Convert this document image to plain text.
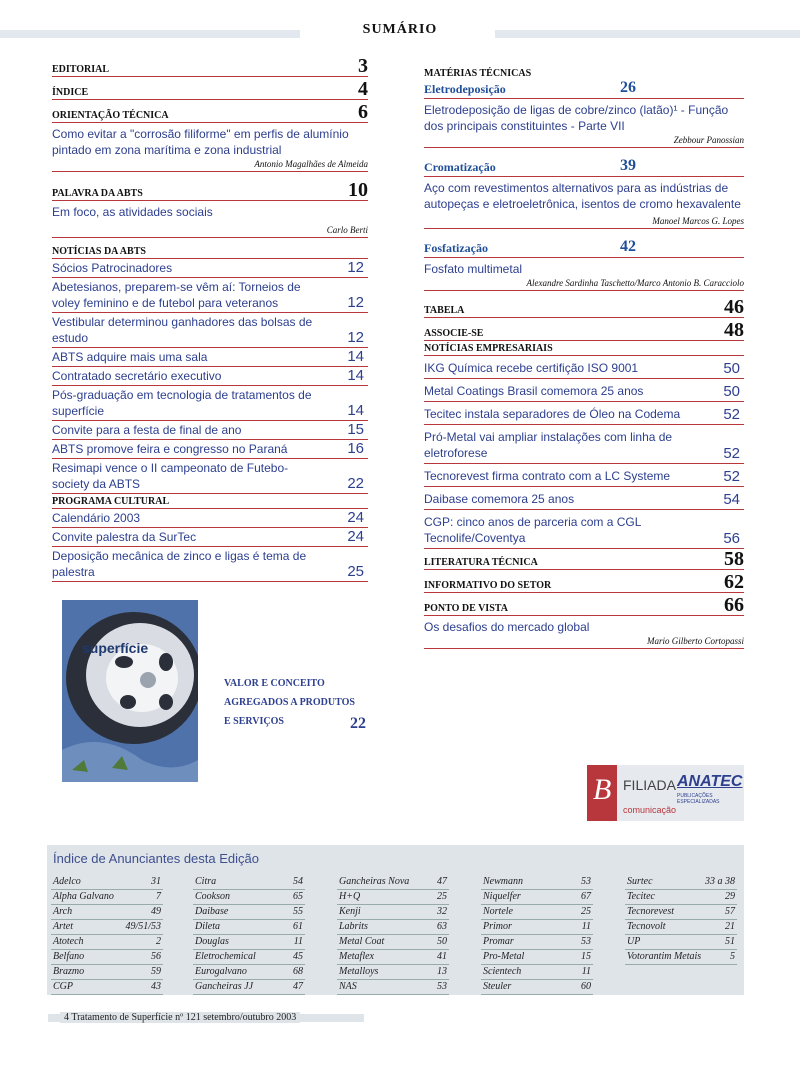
SUMÁRIO
EDITORIAL	3
ÍNDICE	4
ORIENTAÇÃO TÉCNICA	6
Como evitar a "corrosão filiforme" em perfis de alumínio pintado em zona marítima e zona industrial
Antonio Magalhães de Almeida
PALAVRA DA ABTS	10
Em foco, as atividades sociais
Carlo Berti
NOTÍCIAS DA ABTS
Sócios Patrocinadores	12
Abetesianos, preparem-se vêm aí: Torneios de voley feminino e de futebol para veteranos	12
Vestibular determinou ganhadores das bolsas de estudo	12
ABTS adquire mais uma sala	14
Contratado secretário executivo	14
Pós-graduação em tecnologia de tratamentos de superfície	14
Convite para a festa de final de ano	15
ABTS promove feira e congresso no Paraná	16
Resimapi vence o II campeonato de Futebo-society da ABTS	22
PROGRAMA CULTURAL
Calendário 2003	24
Convite palestra da SurTec	24
Deposição mecânica de zinco e ligas é tema de palestra	25
superfície
VALOR E CONCEITO
AGREGADOS A PRODUTOS
E SERVIÇOS	22
MATÉRIAS TÉCNICAS
Eletrodeposição	26
Eletrodeposição de ligas de cobre/zinco (latão)¹ - Função dos principais constituintes - Parte VII
Zebbour Panossian
Cromatização	39
Aço com revestimentos alternativos para as indústrias de autopeças e eletroeletrônica, isentos de cromo hexavalente
Manoel Marcos G. Lopes
Fosfatização	42
Fosfato multimetal
Alexandre Sardinha Taschetto/Marco Antonio B. Caracciolo
TABELA	46
ASSOCIE-SE	48
NOTÍCIAS EMPRESARIAIS
IKG Química recebe certifição ISO 9001	50
Metal Coatings Brasil comemora 25 anos	50
Tecitec instala separadores de Óleo na Codema	52
Pró-Metal vai ampliar instalações com linha de eletroforese	52
Tecnorevest firma contrato com a LC Systeme	52
Daibase comemora 25 anos	54
CGP: cinco anos de parceria com a CGL Tecnolife/Coventya	56
LITERATURA TÉCNICA	58
INFORMATIVO DO SETOR	62
PONTO DE VISTA	66
Os desafios do mercado global
Mario Gilberto Cortopassi
B FILIADA ANATEC
PUBLICAÇÕES ESPECIALIZADAS
comunicação
Índice de Anunciantes desta Edição
Adelco	31
Alpha Galvano	7
Arch	49
Artet	49/51/53
Atotech	2
Belfano	56
Brazmo	59
CGP	43
Citra	54
Cookson	65
Daibase	55
Dileta	61
Douglas	11
Eletrochemical	45
Eurogalvano	68
Gancheiras JJ	47
Gancheiras Nova	47
H+Q	25
Kenji	32
Labrits	63
Metal Coat	50
Metaflex	41
Metalloys	13
NAS	53
Newmann	53
Niquelfer	67
Nortele	25
Primor	11
Promar	53
Pro-Metal	15
Scientech	11
Steuler	60
Surtec	33 a 38
Tecitec	29
Tecnorevest	57
Tecnovolt	21
UP	51
Votorantim Metais	5
4 Tratamento de Superfície nº 121 setembro/outubro 2003
